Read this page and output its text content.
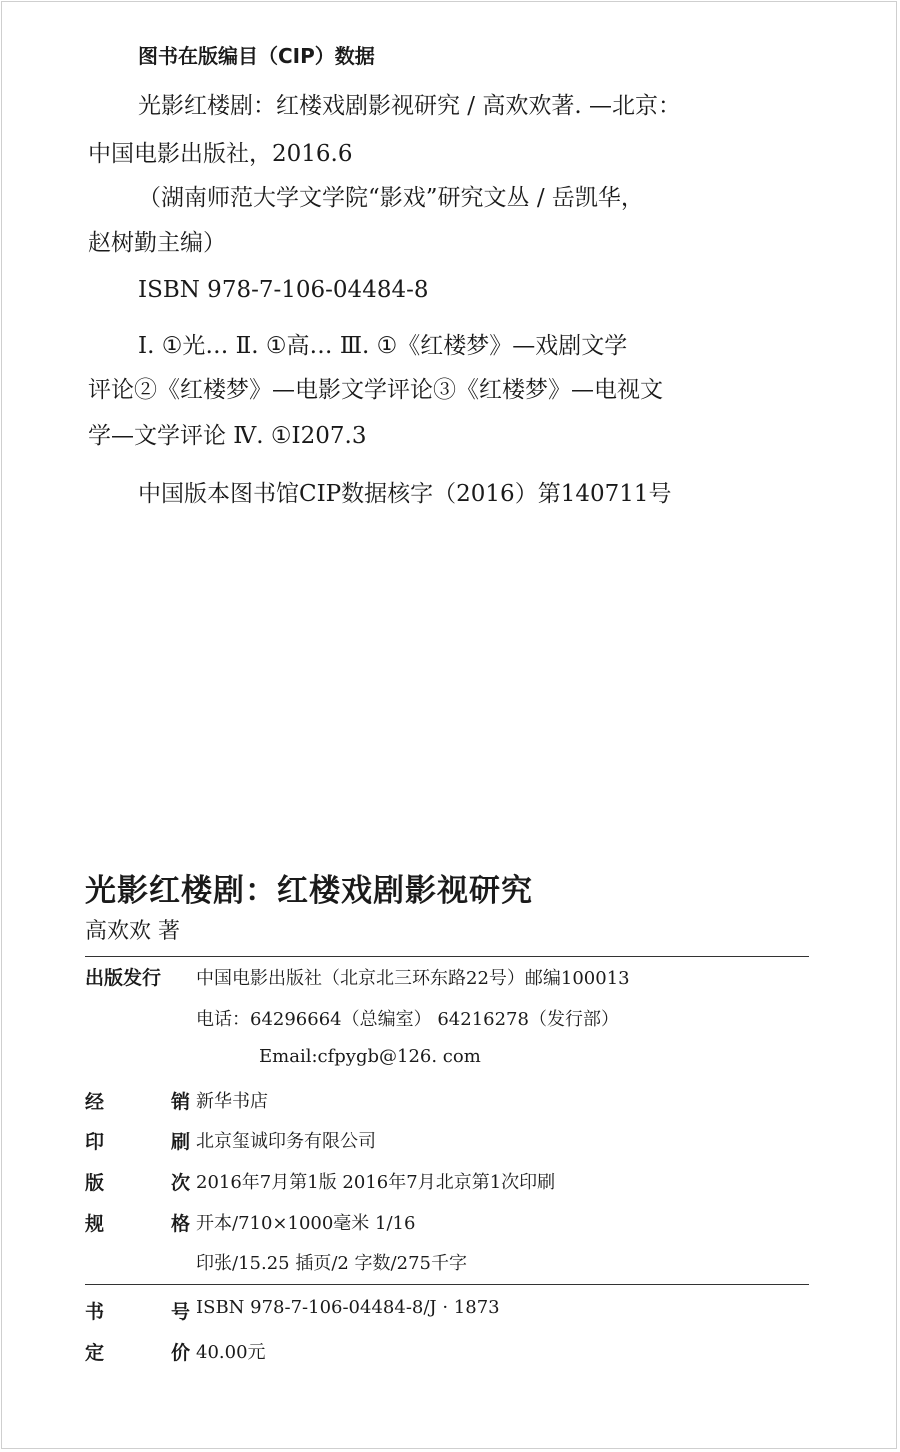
图书在版编目（CIP）数据
光影红楼剧：红楼戏剧影视研究 / 高欢欢著. —北京：
中国电影出版社，2016.6
（湖南师范大学文学院“影戏”研究文丛 / 岳凯华，
赵树勤主编）
ISBN 978-7-106-04484-8
Ⅰ. ①光… Ⅱ. ①高… Ⅲ. ①《红楼梦》—戏剧文学
评论②《红楼梦》—电影文学评论③《红楼梦》—电视文
学—文学评论 Ⅳ. ①I207.3
中国版本图书馆CIP数据核字（2016）第140711号
光影红楼剧：红楼戏剧影视研究
高欢欢 著
出版发行 中国电影出版社（北京北三环东路22号）邮编100013
电话：64296664（总编室） 64216278（发行部）
Email:cfpygb@126. com
经	销 新华书店
印	刷 北京玺诚印务有限公司
版	次 2016年7月第1版 2016年7月北京第1次印刷
规	格 开本/710×1000毫米 1/16
印张/15.25 插页/2 字数/275千字
书	号 ISBN 978-7-106-04484-8/J · 1873
定	价 40.00元
